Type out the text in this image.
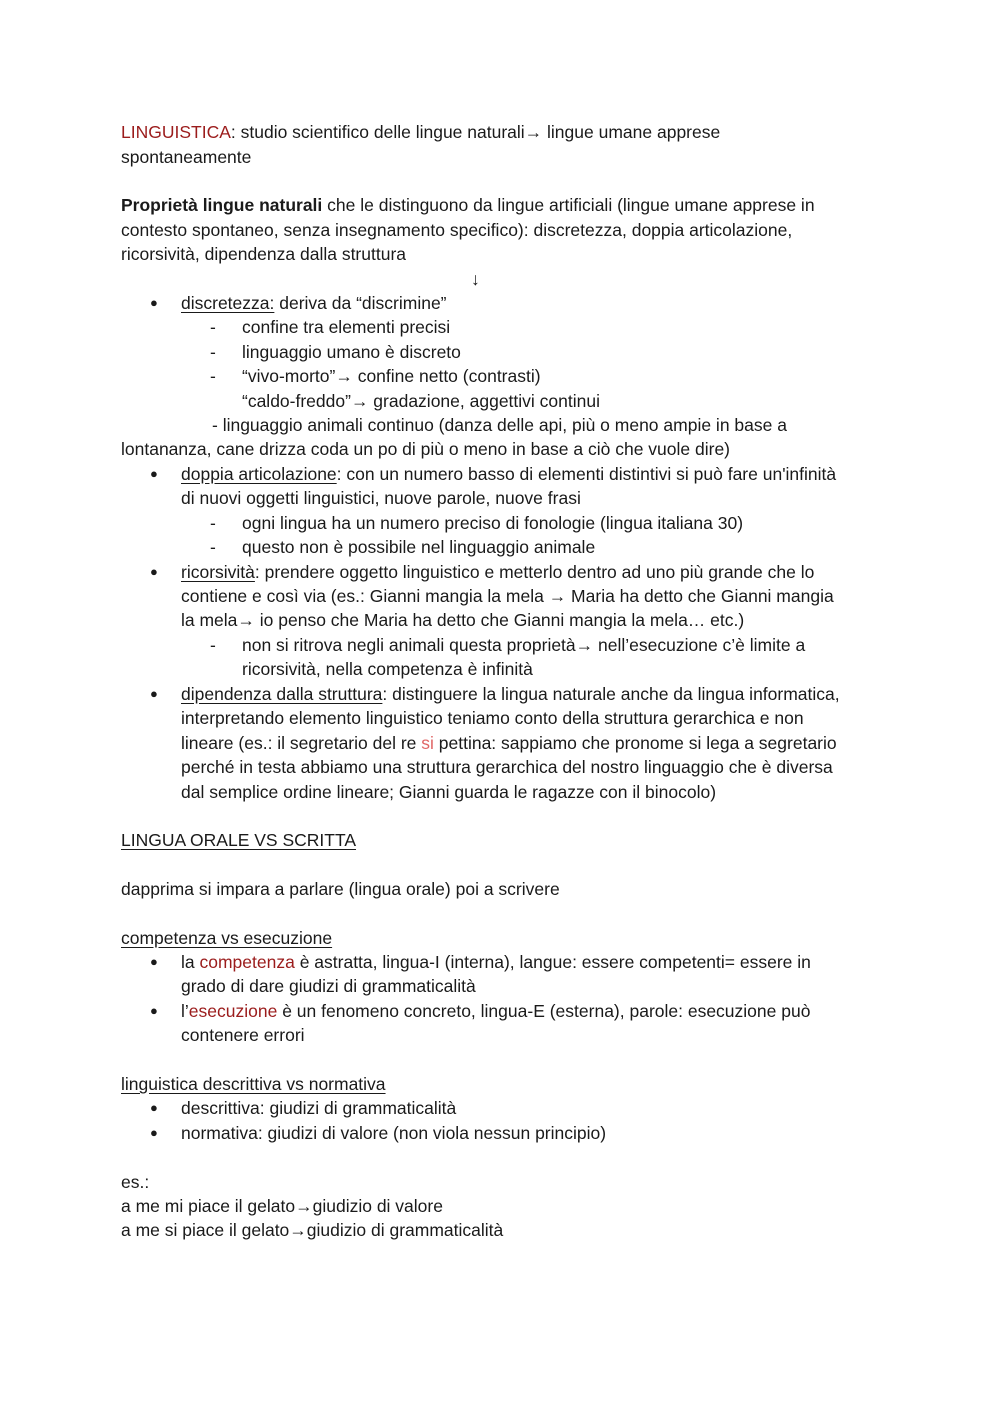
LINGUISTICA: studio scientifico delle lingue naturali→ lingue umane apprese
spontaneamente
Proprietà lingue naturali che le distinguono da lingue artificiali (lingue umane apprese in
contesto spontaneo, senza insegnamento specifico): discretezza, doppia articolazione,
ricorsività, dipendenza dalla struttura
↓
● discretezza: deriva da “discrimine”
- confine tra elementi precisi
- linguaggio umano è discreto
- “vivo-morto”→ confine netto (contrasti)
“caldo-freddo”→ gradazione, aggettivi continui
- linguaggio animali continuo (danza delle api, più o meno ampie in base a
lontananza, cane drizza coda un po di più o meno in base a ciò che vuole dire)
● doppia articolazione: con un numero basso di elementi distintivi si può fare un'infinità
di nuovi oggetti linguistici, nuove parole, nuove frasi
- ogni lingua ha un numero preciso di fonologie (lingua italiana 30)
- questo non è possibile nel linguaggio animale
● ricorsività: prendere oggetto linguistico e metterlo dentro ad uno più grande che lo
contiene e così via (es.: Gianni mangia la mela → Maria ha detto che Gianni mangia
la mela→ io penso che Maria ha detto che Gianni mangia la mela… etc.)
- non si ritrova negli animali questa proprietà→ nell’esecuzione c’è limite a
ricorsività, nella competenza è infinità
● dipendenza dalla struttura: distinguere la lingua naturale anche da lingua informatica,
interpretando elemento linguistico teniamo conto della struttura gerarchica e non
lineare (es.: il segretario del re si pettina: sappiamo che pronome si lega a segretario
perché in testa abbiamo una struttura gerarchica del nostro linguaggio che è diversa
dal semplice ordine lineare; Gianni guarda le ragazze con il binocolo)
LINGUA ORALE VS SCRITTA
dapprima si impara a parlare (lingua orale) poi a scrivere
competenza vs esecuzione
● la competenza è astratta, lingua-I (interna), langue: essere competenti= essere in
grado di dare giudizi di grammaticalità
● l’esecuzione è un fenomeno concreto, lingua-E (esterna), parole: esecuzione può
contenere errori
linguistica descrittiva vs normativa
● descrittiva: giudizi di grammaticalità
● normativa: giudizi di valore (non viola nessun principio)
es.:
a me mi piace il gelato→giudizio di valore
a me si piace il gelato→giudizio di grammaticalità
